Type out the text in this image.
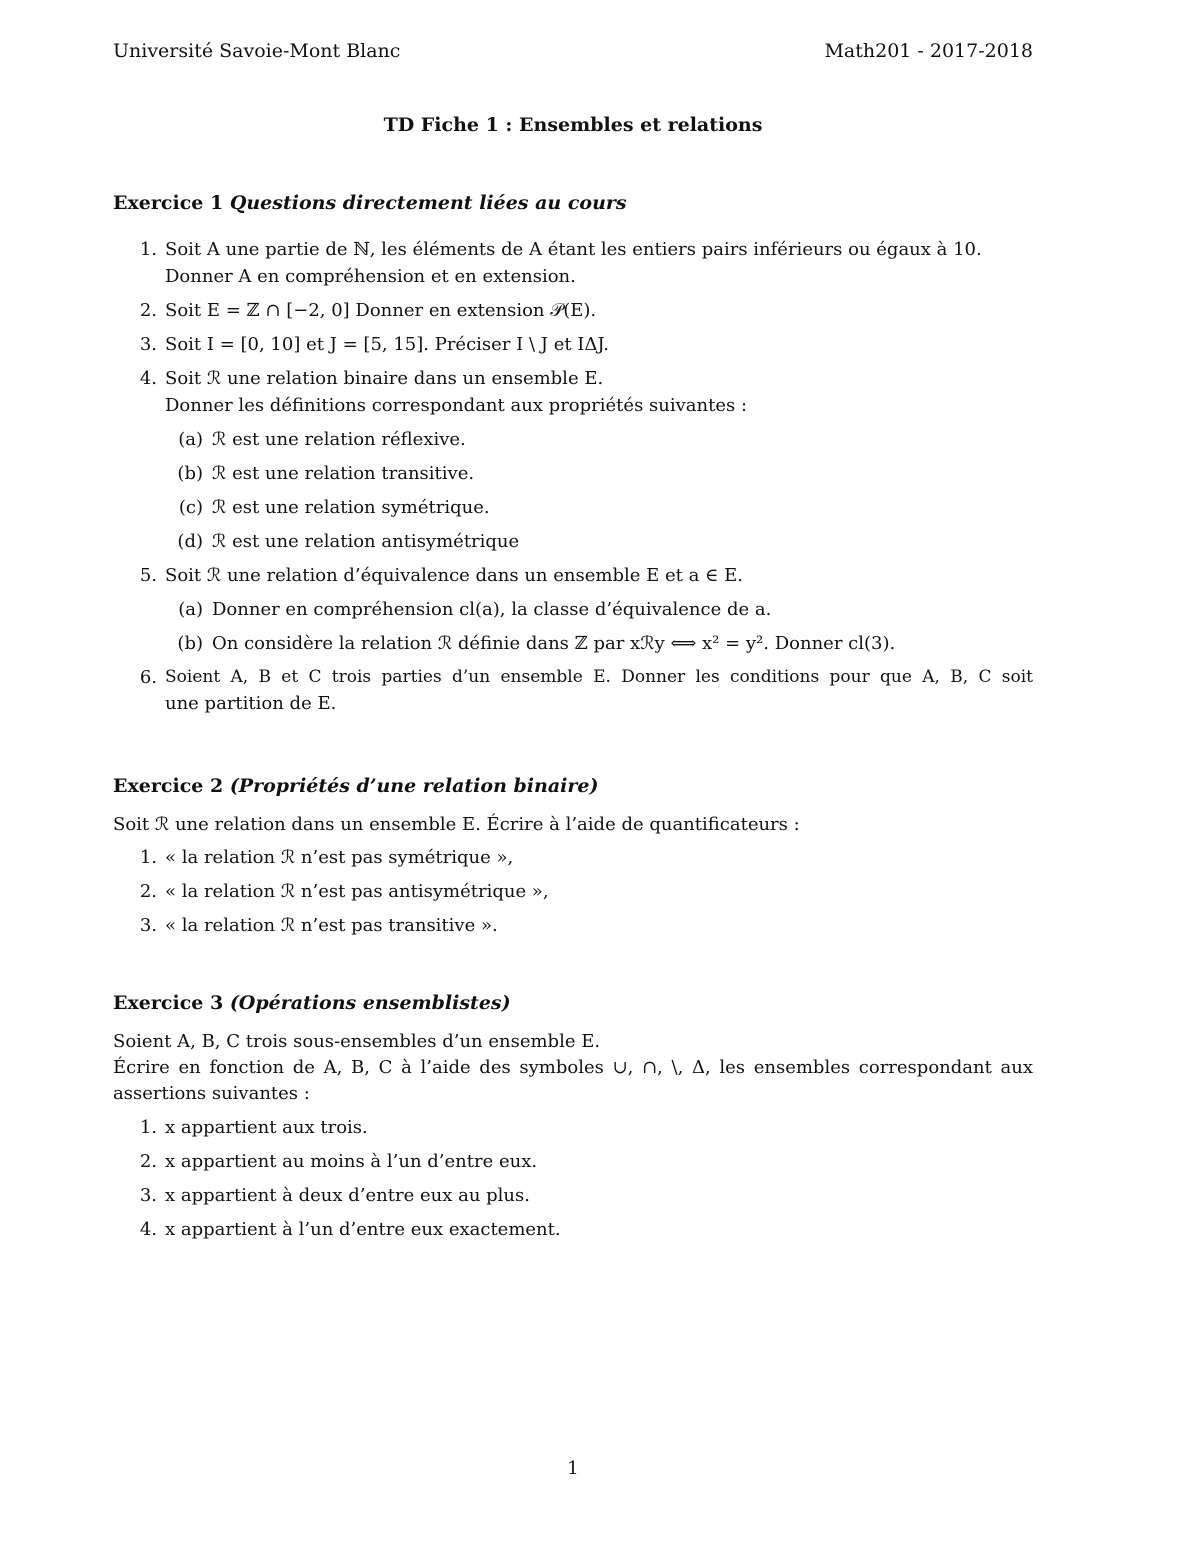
Université Savoie-Mont Blanc	Math201 - 2017-2018
TD Fiche 1 : Ensembles et relations
Exercice 1 Questions directement liées au cours
1. Soit A une partie de ℕ, les éléments de A étant les entiers pairs inférieurs ou égaux à 10.
Donner A en compréhension et en extension.
2. Soit E = ℤ ∩ [−2, 0] Donner en extension 𝒫(E).
3. Soit I = [0, 10] et J = [5, 15]. Préciser I \ J et IΔJ.
4. Soit ℛ une relation binaire dans un ensemble E.
Donner les définitions correspondant aux propriétés suivantes :
(a) ℛ est une relation réflexive.
(b) ℛ est une relation transitive.
(c) ℛ est une relation symétrique.
(d) ℛ est une relation antisymétrique
5. Soit ℛ une relation d’équivalence dans un ensemble E et a ∈ E.
(a) Donner en compréhension cl(a), la classe d’équivalence de a.
(b) On considère la relation ℛ définie dans ℤ par xℛy ⟺ x² = y². Donner cl(3).
6. Soient A, B et C trois parties d’un ensemble E. Donner les conditions pour que A, B, C soit
une partition de E.
Exercice 2 (Propriétés d’une relation binaire)
Soit ℛ une relation dans un ensemble E. Écrire à l’aide de quantificateurs :
1. « la relation ℛ n’est pas symétrique »,
2. « la relation ℛ n’est pas antisymétrique »,
3. « la relation ℛ n’est pas transitive ».
Exercice 3 (Opérations ensemblistes)
Soient A, B, C trois sous-ensembles d’un ensemble E.
Écrire en fonction de A, B, C à l’aide des symboles ∪, ∩, \, Δ, les ensembles correspondant aux
assertions suivantes :
1. x appartient aux trois.
2. x appartient au moins à l’un d’entre eux.
3. x appartient à deux d’entre eux au plus.
4. x appartient à l’un d’entre eux exactement.
1
